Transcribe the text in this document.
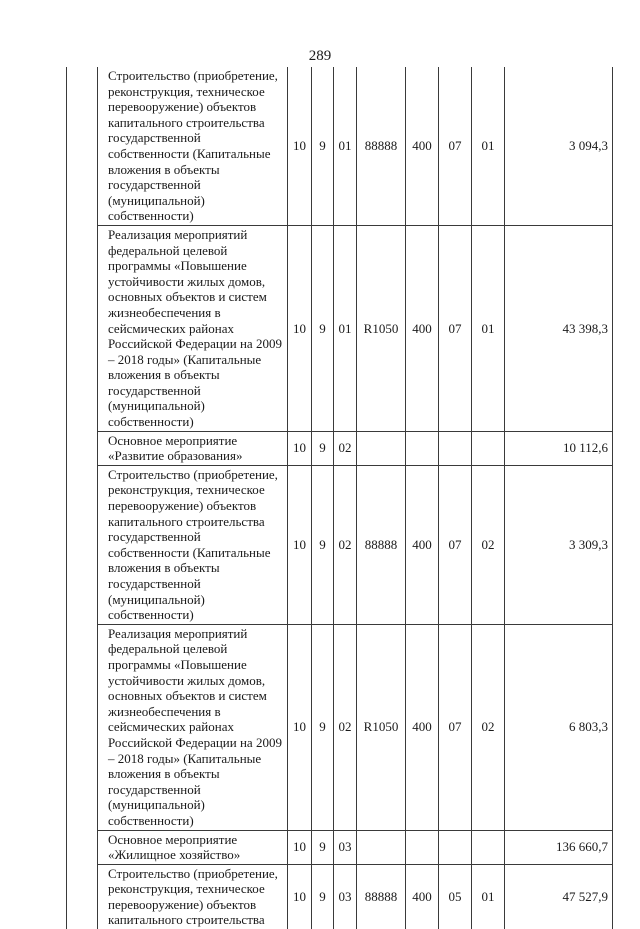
289
	Строительство (приобретение, реконструкция, техническое перевооружение) объектов капитального строительства государственной собственности (Капитальные вложения в объекты государственной (муниципальной) собственности)	10	9	01	88888	400	07	01	3 094,3
	Реализация мероприятий федеральной целевой программы «Повышение устойчивости жилых домов, основных объектов и систем жизнеобеспечения в сейсмических районах Российской Федерации на 2009 – 2018 годы» (Капитальные вложения в объекты государственной (муниципальной) собственности)	10	9	01	R1050	400	07	01	43 398,3
	Основное мероприятие «Развитие образования»	10	9	02					10 112,6
	Строительство (приобретение, реконструкция, техническое перевооружение) объектов капитального строительства государственной собственности (Капитальные вложения в объекты государственной (муниципальной) собственности)	10	9	02	88888	400	07	02	3 309,3
	Реализация мероприятий федеральной целевой программы «Повышение устойчивости жилых домов, основных объектов и систем жизнеобеспечения в сейсмических районах Российской Федерации на 2009 – 2018 годы» (Капитальные вложения в объекты государственной (муниципальной) собственности)	10	9	02	R1050	400	07	02	6 803,3
	Основное мероприятие «Жилищное хозяйство»	10	9	03					136 660,7
	Строительство (приобретение, реконструкция, техническое перевооружение) объектов капитального строительства	10	9	03	88888	400	05	01	47 527,9
